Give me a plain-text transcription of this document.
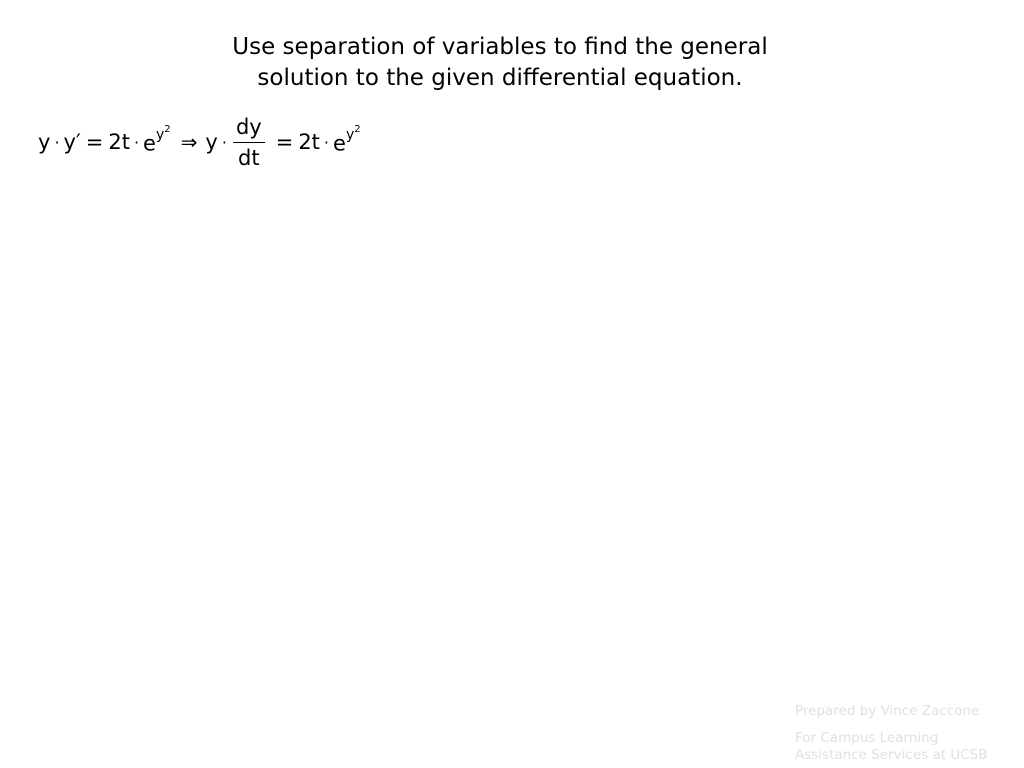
Use separation of variables to find the general
solution to the given differential equation.
$y \cdot y' = 2t \cdot e^{y^2}$
⇒ $y \cdot \frac{dy}{dt} = 2t \cdot e^{y^2}$
Prepared by Vince Zaccone
For Campus Learning Assistance Services at UCSB
